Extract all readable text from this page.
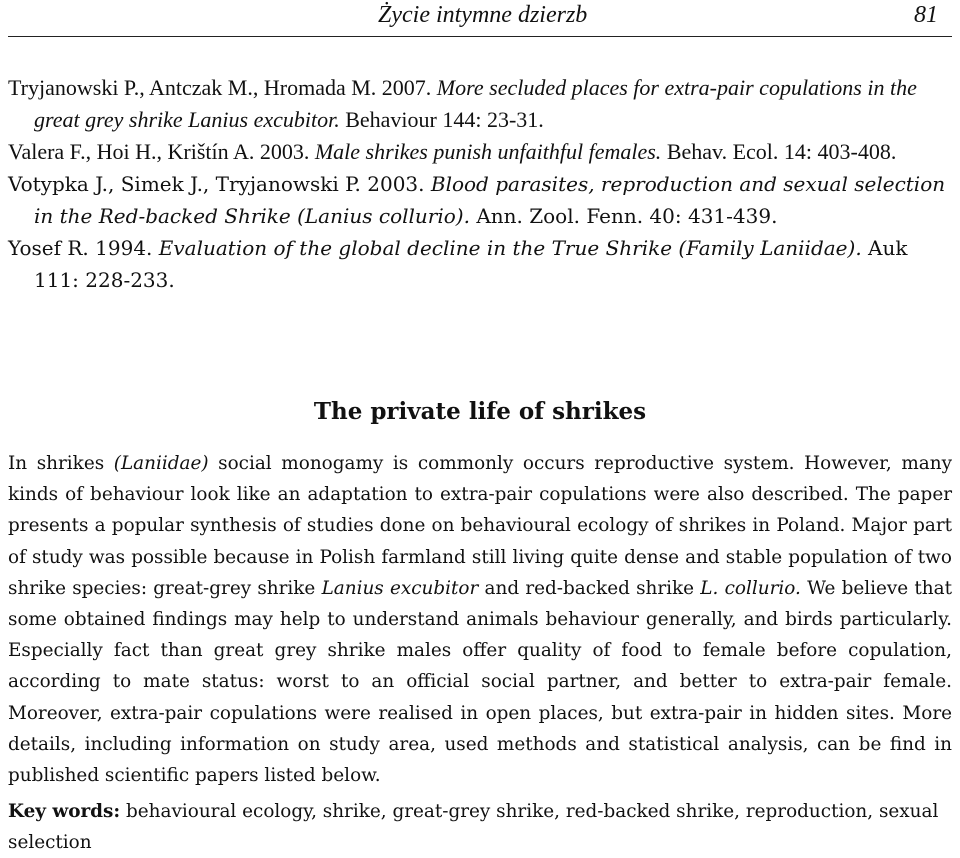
Życie intymne dzierzb	81

Tryjanowski P., Antczak M., Hromada M. 2007. More secluded places for extra-pair copulations in the great grey shrike Lanius excubitor. Behaviour 144: 23-31.

Valera F., Hoi H., Krištín A. 2003. Male shrikes punish unfaithful females. Behav. Ecol. 14: 403-408.

Votypka J., Simek J., Tryjanowski P. 2003. Blood parasites, reproduction and sexual selection in the Red-backed Shrike (Lanius collurio). Ann. Zool. Fenn. 40: 431-439.

Yosef R. 1994. Evaluation of the global decline in the True Shrike (Family Laniidae). Auk 111: 228-233.

The private life of shrikes

In shrikes (Laniidae) social monogamy is commonly occurs reproductive system. However, many kinds of behaviour look like an adaptation to extra-pair copulations were also described. The paper presents a popular synthesis of studies done on behavioural ecology of shrikes in Poland. Major part of study was possible because in Polish farmland still living quite dense and stable population of two shrike species: great-grey shrike Lanius excubitor and red-backed shrike L. collurio. We believe that some obtained findings may help to understand animals behaviour generally, and birds particularly. Especially fact than great grey shrike males offer quality of food to female before copulation, according to mate status: worst to an official social partner, and better to extra-pair female. Moreover, extra-pair copulations were realised in open places, but extra-pair in hidden sites. More details, including information on study area, used methods and statistical analysis, can be find in published scientific papers listed below.

Key words: behavioural ecology, shrike, great-grey shrike, red-backed shrike, reproduction, sexual selection
